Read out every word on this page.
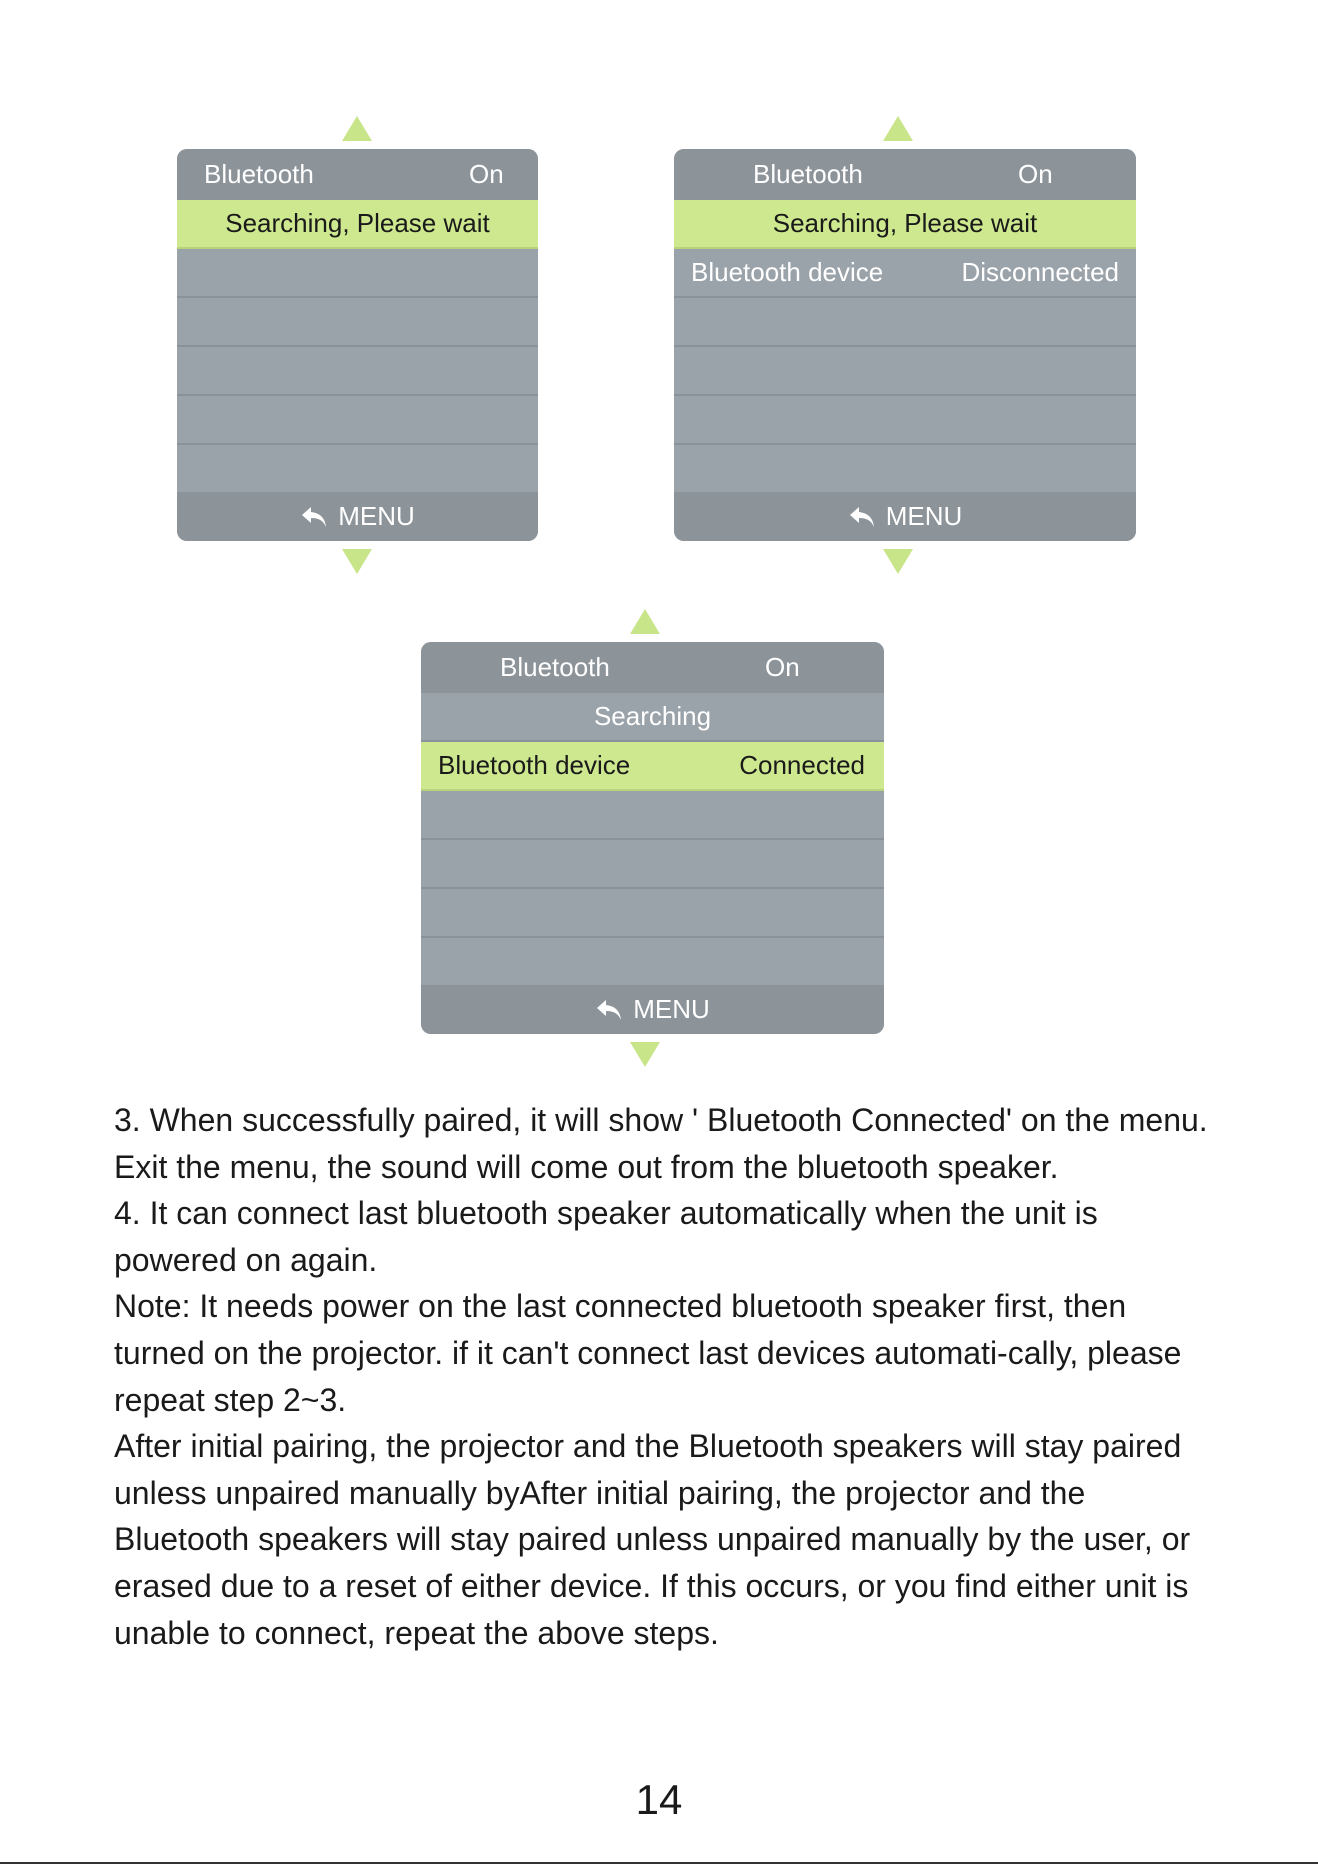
Bluetooth	On
Searching, Please wait
MENU
Bluetooth	On
Searching, Please wait
Bluetooth device	Disconnected
MENU
Bluetooth	On
Searching
Bluetooth device	Connected
MENU

3. When successfully paired, it will show ' Bluetooth Connected' on the menu. Exit the menu, the sound will come out from the bluetooth speaker.

4. It can connect last bluetooth speaker automatically when the unit is powered on again.

Note: It needs power on the last connected bluetooth speaker first, then turned on the projector. if it can't connect last devices automati-cally, please repeat step 2~3.

After initial pairing, the projector and the Bluetooth speakers will stay paired unless unpaired manually byAfter initial pairing, the projector and the Bluetooth speakers will stay paired unless unpaired manually by the user, or erased due to a reset of either device. If this occurs, or you find either unit is unable to connect, repeat the above steps.

14
